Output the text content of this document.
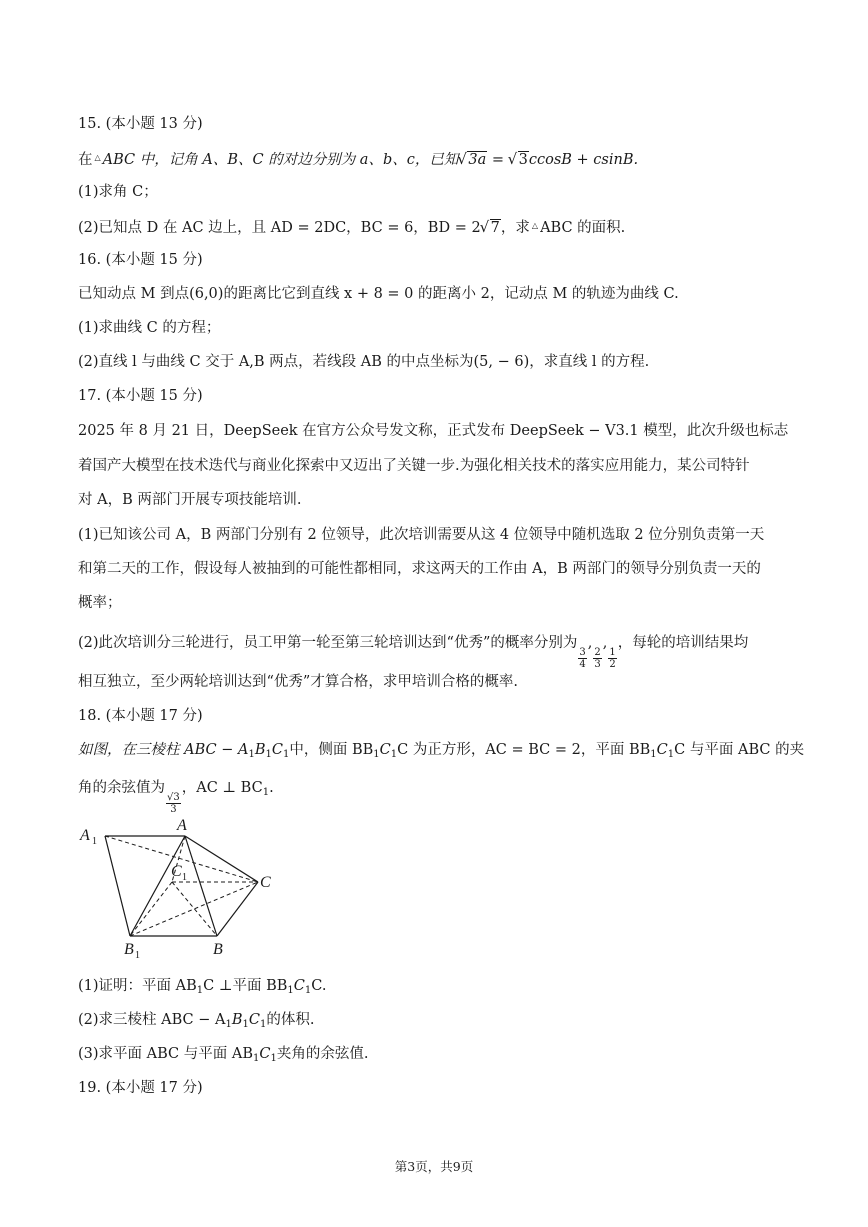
15. (本小题 13 分)
在 △ ABC 中，记角 A、B、C 的对边分别为 a、b、c，已知 √ 3a = √ 3ccosB + csinB.
(1)求角 C；
(2)已知点 D 在 AC 边上，且 AD = 2DC，BC = 6，BD = 2 √ 7，求 △ ABC 的面积.
16. (本小题 15 分)
已知动点 M 到点(6,0)的距离比它到直线 x + 8 = 0 的距离小 2，记动点 M 的轨迹为曲线 C.
(1)求曲线 C 的方程；
(2)直线 l 与曲线 C 交于 A,B 两点，若线段 AB 的中点坐标为(5, − 6)，求直线 l 的方程.
17. (本小题 15 分)
2025 年 8 月 21 日，DeepSeek 在官方公众号发文称，正式发布 DeepSeek − V3.1 模型，此次升级也标志
着国产大模型在技术迭代与商业化探索中又迈出了关键一步.为强化相关技术的落实应用能力，某公司特针
对 A，B 两部门开展专项技能培训.
(1)已知该公司 A，B 两部门分别有 2 位领导，此次培训需要从这 4 位领导中随机选取 2 位分别负责第一天
和第二天的工作，假设每人被抽到的可能性都相同，求这两天的工作由 A，B 两部门的领导分别负责一天的
概率；
(2)此次培训分三轮进行，员工甲第一轮至第三轮培训达到“优秀”的概率分别为
$\frac{3}{4}$
,
$\frac{2}{3}$
,
$\frac{1}{2}$
，每轮的培训结果均
相互独立，至少两轮培训达到“优秀”才算合格，求甲培训合格的概率.
18. (本小题 17 分)
如图，在三棱柱 ABC − $A_1B_1C_1$中，侧面 $BB_1C_1C$ 为正方形，AC = BC = 2，平面 $BB_1C_1C$ 与平面 ABC 的夹
角的余弦值为
$\frac{√3}{3}$
，AC ⊥ $BC_1$.
A 1
A
C 1	C
B 1	B
(1)证明：平面 $AB_1C$ ⊥平面 $BB_1C_1C$.
(2)求三棱柱 ABC − $A_1B_1C_1$的体积.
(3)求平面 ABC 与平面 $AB_1C_1$夹角的余弦值.
19. (本小题 17 分)
第3页，共9页
